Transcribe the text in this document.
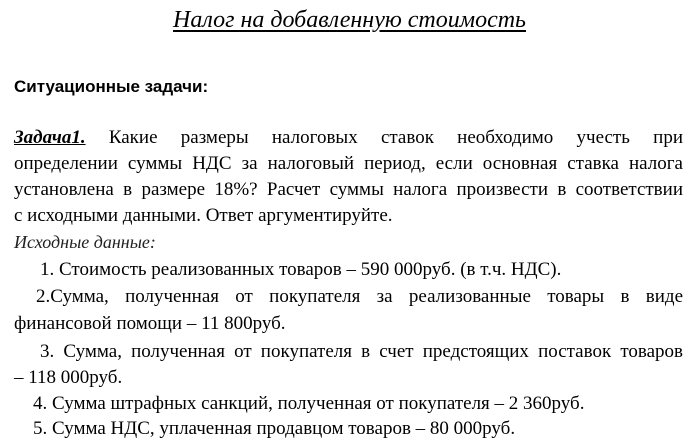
Налог на добавленную стоимость
Ситуационные задачи:

Задача1. Какие размеры налоговых ставок необходимо учесть при

определении суммы НДС за налоговый период, если основная ставка налога

установлена в размере 18%? Расчет суммы налога произвести в соответствии

с исходными данными. Ответ аргументируйте.

Исходные данные:

1. Стоимость реализованных товаров – 590 000руб. (в т.ч. НДС).

2.Сумма, полученная от покупателя за реализованные товары в виде

финансовой помощи – 11 800руб.

3. Сумма, полученная от покупателя в счет предстоящих поставок товаров

– 118 000руб.

4. Сумма штрафных санкций, полученная от покупателя – 2 360руб.

5. Сумма НДС, уплаченная продавцом товаров – 80 000руб.
